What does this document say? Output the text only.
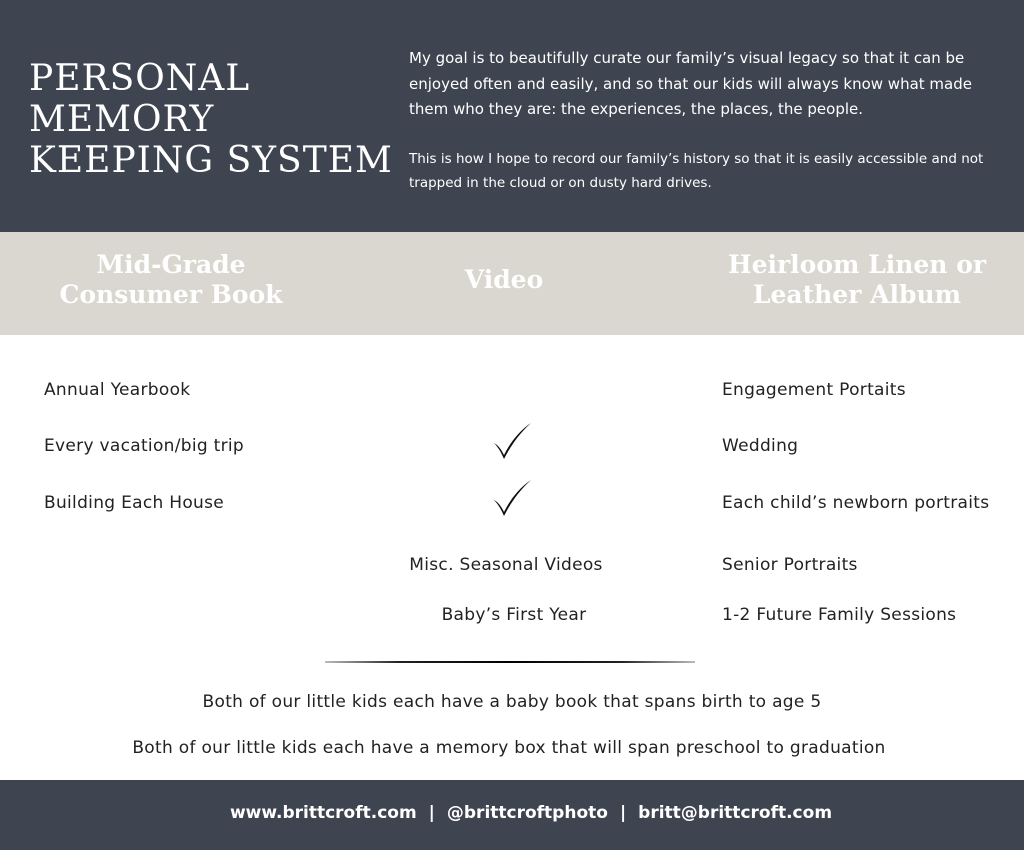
PERSONAL
MEMORY
KEEPING SYSTEM

My goal is to beautifully curate our family’s visual legacy so that it can be enjoyed often and easily, and so that our kids will always know what made them who they are: the experiences, the places, the people.

This is how I hope to record our family’s history so that it is easily accessible and not trapped in the cloud or on dusty hard drives.

Mid-Grade
Consumer Book
Video
Heirloom Linen or
Leather Album
Annual Yearbook
Every vacation/big trip
Building Each House
Misc. Seasonal Videos
Baby’s First Year
Engagement Portaits
Wedding
Each child’s newborn portraits
Senior Portraits
1-2 Future Family Sessions
Both of our little kids each have a baby book that spans birth to age 5
Both of our little kids each have a memory box that will span preschool to graduation
www.brittcroft.com | @brittcroftphoto | britt@brittcroft.com
